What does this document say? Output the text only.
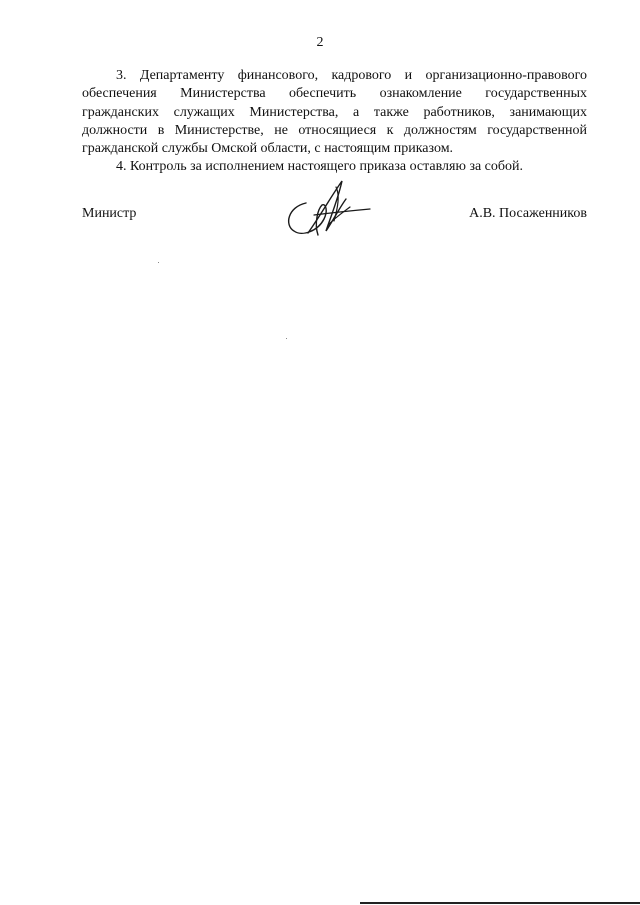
2

3. Департаменту финансового, кадрового и организационно-правового обеспечения Министерства обеспечить ознакомление государственных гражданских служащих Министерства, а также работников, занимающих должности в Министерстве, не относящиеся к должностям государственной гражданской службы Омской области, с настоящим приказом.

4. Контроль за исполнением настоящего приказа оставляю за собой.

Министр	А.В. Посаженников
